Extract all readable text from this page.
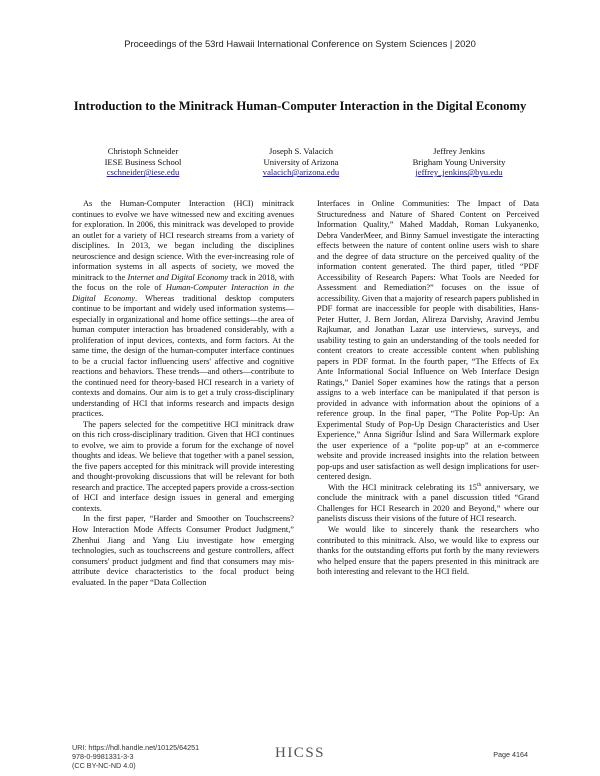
Proceedings of the 53rd Hawaii International Conference on System Sciences | 2020
Introduction to the Minitrack Human-Computer Interaction in the Digital Economy
Christoph Schneider
IESE Business School
cschneider@iese.edu
Joseph S. Valacich
University of Arizona
valacich@arizona.edu
Jeffrey Jenkins
Brigham Young University
jeffrey_jenkins@byu.edu

As the Human-Computer Interaction (HCI) minitrack continues to evolve we have witnessed new and exciting avenues for exploration. In 2006, this minitrack was developed to provide an outlet for a variety of HCI research streams from a variety of disciplines. In 2013, we began including the disciplines neuroscience and design science. With the ever-increasing role of information systems in all aspects of society, we moved the minitrack to the Internet and Digital Economy track in 2018, with the focus on the role of Human-Computer Interaction in the Digital Economy. Whereas traditional desktop computers continue to be important and widely used information systems—especially in organizational and home office settings—the area of human computer interaction has broadened considerably, with a proliferation of input devices, contexts, and form factors. At the same time, the design of the human-computer interface continues to be a crucial factor influencing users' affective and cognitive reactions and behaviors. These trends—and others—contribute to the continued need for theory-based HCI research in a variety of contexts and domains. Our aim is to get a truly cross-disciplinary understanding of HCI that informs research and impacts design practices.

The papers selected for the competitive HCI minitrack draw on this rich cross-disciplinary tradition. Given that HCI continues to evolve, we aim to provide a forum for the exchange of novel thoughts and ideas. We believe that together with a panel session, the five papers accepted for this minitrack will provide interesting and thought-provoking discussions that will be relevant for both research and practice. The accepted papers provide a cross-section of HCI and interface design issues in general and emerging contexts.

In the first paper, “Harder and Smoother on Touchscreens? How Interaction Mode Affects Consumer Product Judgment,” Zhenhui Jiang and Yang Liu investigate how emerging technologies, such as touchscreens and gesture controllers, affect consumers' product judgment and find that consumers may mis-attribute device characteristics to the focal product being evaluated. In the paper “Data Collection

Interfaces in Online Communities: The Impact of Data Structuredness and Nature of Shared Content on Perceived Information Quality,” Mahed Maddah, Roman Lukyanenko, Debra VanderMeer, and Binny Samuel investigate the interacting effects between the nature of content online users wish to share and the degree of data structure on the perceived quality of the information content generated. The third paper, titled “PDF Accessibility of Research Papers: What Tools are Needed for Assessment and Remediation?” focuses on the issue of accessibility. Given that a majority of research papers published in PDF format are inaccessible for people with disabilities, Hans-Peter Hutter, J. Bern Jordan, Alireza Darvishy, Aravind Jembu Rajkumar, and Jonathan Lazar use interviews, surveys, and usability testing to gain an understanding of the tools needed for content creators to create accessible content when publishing papers in PDF format. In the fourth paper, “The Effects of Ex Ante Informational Social Influence on Web Interface Design Ratings,” Daniel Soper examines how the ratings that a person assigns to a web interface can be manipulated if that person is provided in advance with information about the opinions of a reference group. In the final paper, “The Polite Pop-Up: An Experimental Study of Pop-Up Design Characteristics and User Experience,” Anna Sigríður Íslind and Sara Willermark explore the user experience of a “polite pop-up” at an e-commerce website and provide increased insights into the relation between pop-ups and user satisfaction as well design implications for user-centered design.

With the HCI minitrack celebrating its 15th anniversary, we conclude the minitrack with a panel discussion titled “Grand Challenges for HCI Research in 2020 and Beyond,” where our panelists discuss their visions of the future of HCI research.

We would like to sincerely thank the researchers who contributed to this minitrack. Also, we would like to express our thanks for the outstanding efforts put forth by the many reviewers who helped ensure that the papers presented in this minitrack are both interesting and relevant to the HCI field.

URI: https://hdl.handle.net/10125/64251
978-0-9981331-3-3
(CC BY-NC-ND 4.0)
HICSS	Page 4164
